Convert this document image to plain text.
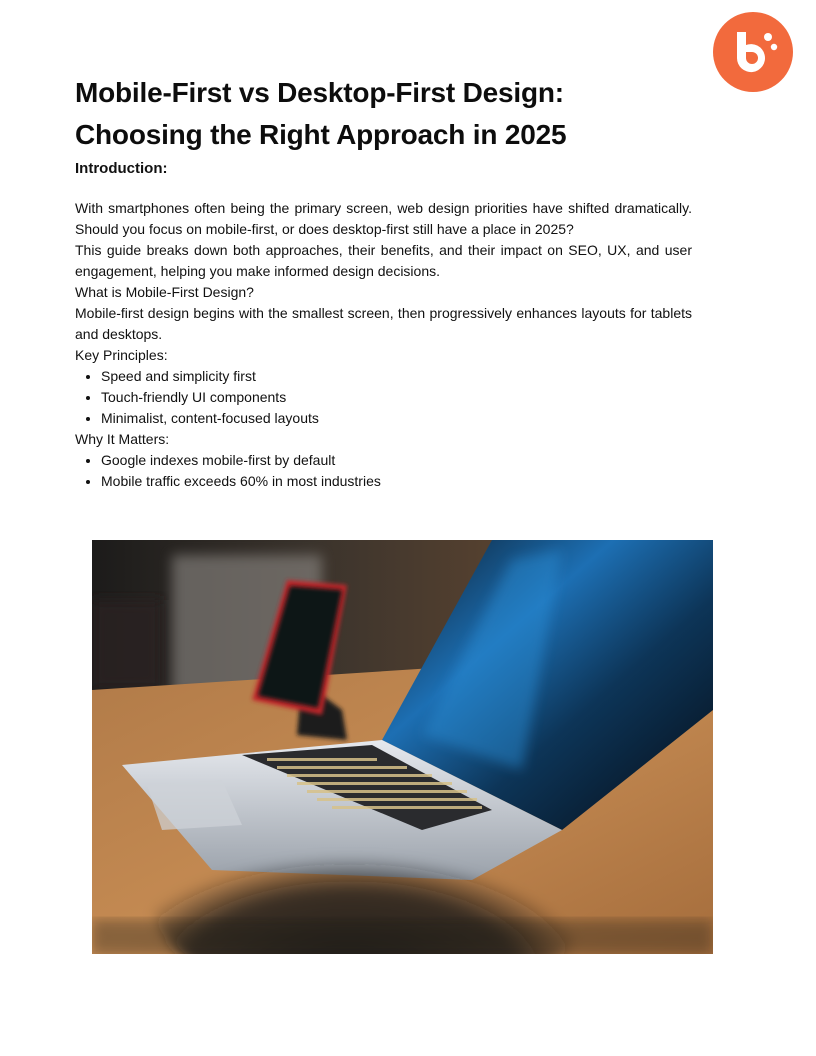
Mobile-First vs Desktop-First Design: Choosing the Right Approach in 2025
Introduction:

With smartphones often being the primary screen, web design priorities have shifted dramatically. Should you focus on mobile-first, or does desktop-first still have a place in 2025?

This guide breaks down both approaches, their benefits, and their impact on SEO, UX, and user engagement, helping you make informed design decisions.

What is Mobile-First Design?

Mobile-first design begins with the smallest screen, then progressively enhances layouts for tablets and desktops.

Key Principles:

• Speed and simplicity first
• Touch-friendly UI components
• Minimalist, content-focused layouts

Why It Matters:

• Google indexes mobile-first by default
• Mobile traffic exceeds 60% in most industries
